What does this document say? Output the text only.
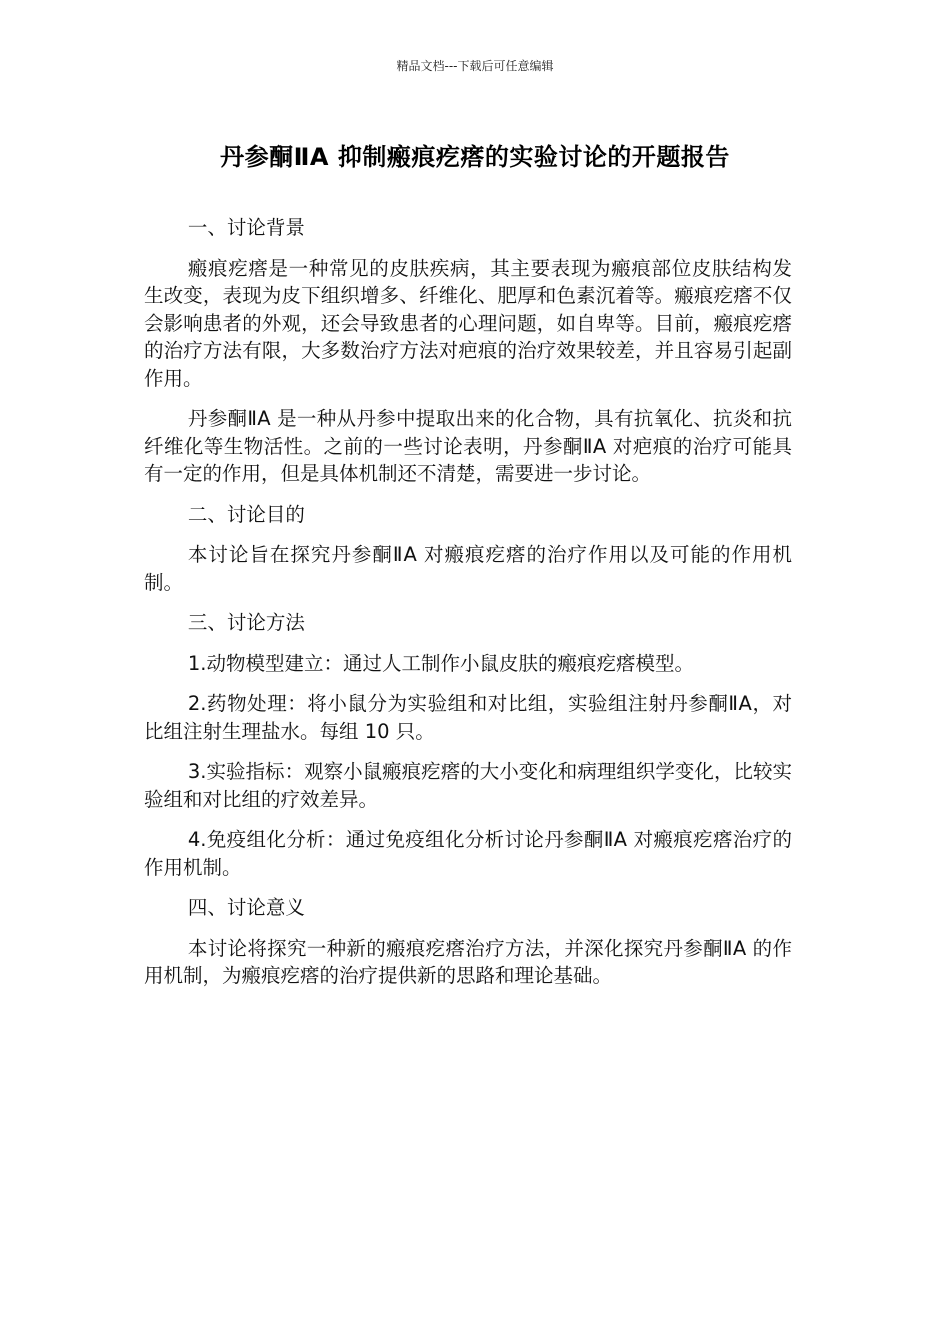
精品文档---下载后可任意编辑
丹参酮ⅡA 抑制瘢痕疙瘩的实验讨论的开题报告

一、讨论背景

瘢痕疙瘩是一种常见的皮肤疾病，其主要表现为瘢痕部位皮肤结构发生改变，表现为皮下组织增多、纤维化、肥厚和色素沉着等。瘢痕疙瘩不仅会影响患者的外观，还会导致患者的心理问题，如自卑等。目前，瘢痕疙瘩的治疗方法有限，大多数治疗方法对疤痕的治疗效果较差，并且容易引起副作用。

丹参酮ⅡA 是一种从丹参中提取出来的化合物，具有抗氧化、抗炎和抗纤维化等生物活性。之前的一些讨论表明，丹参酮ⅡA 对疤痕的治疗可能具有一定的作用，但是具体机制还不清楚，需要进一步讨论。

二、讨论目的

本讨论旨在探究丹参酮ⅡA 对瘢痕疙瘩的治疗作用以及可能的作用机制。

三、讨论方法

1.动物模型建立：通过人工制作小鼠皮肤的瘢痕疙瘩模型。

2.药物处理：将小鼠分为实验组和对比组，实验组注射丹参酮ⅡA，对比组注射生理盐水。每组 10 只。

3.实验指标：观察小鼠瘢痕疙瘩的大小变化和病理组织学变化，比较实验组和对比组的疗效差异。

4.免疫组化分析：通过免疫组化分析讨论丹参酮ⅡA 对瘢痕疙瘩治疗的作用机制。

四、讨论意义

本讨论将探究一种新的瘢痕疙瘩治疗方法，并深化探究丹参酮ⅡA 的作用机制，为瘢痕疙瘩的治疗提供新的思路和理论基础。
